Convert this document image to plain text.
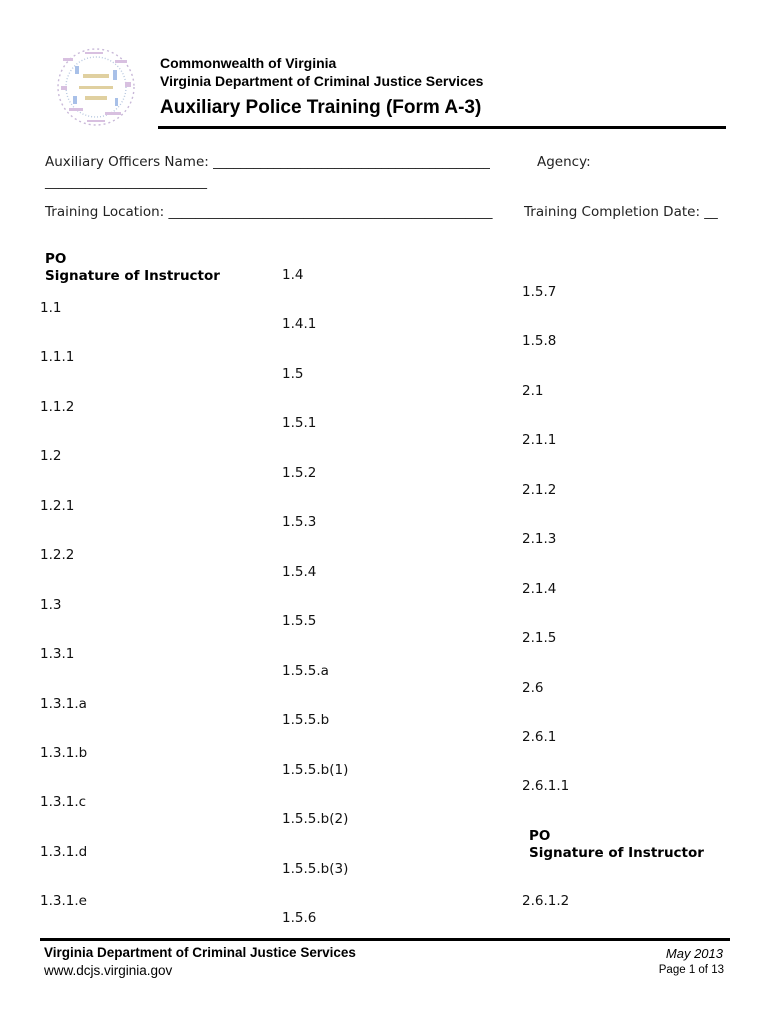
Commonwealth of Virginia
Virginia Department of Criminal Justice Services
Auxiliary Police Training (Form A-3)
Auxiliary Officers Name: _________________________________________	Agency:
________________________
Training Location: ________________________________________________ Training Completion Date: __
PO
Signature of Instructor
PO
Signature of Instructor
1.1
1.1.1
1.1.2
1.2
1.2.1
1.2.2
1.3
1.3.1
1.3.1.a
1.3.1.b
1.3.1.c
1.3.1.d
1.3.1.e
1.4
1.4.1
1.5
1.5.1
1.5.2
1.5.3
1.5.4
1.5.5
1.5.5.a
1.5.5.b
1.5.5.b(1)
1.5.5.b(2)
1.5.5.b(3)
1.5.6
1.5.7
1.5.8
2.1
2.1.1
2.1.2
2.1.3
2.1.4
2.1.5
2.6
2.6.1
2.6.1.1
2.6.1.2
Virginia Department of Criminal Justice Services
www.dcjs.virginia.gov
May 2013
Page 1 of 13
